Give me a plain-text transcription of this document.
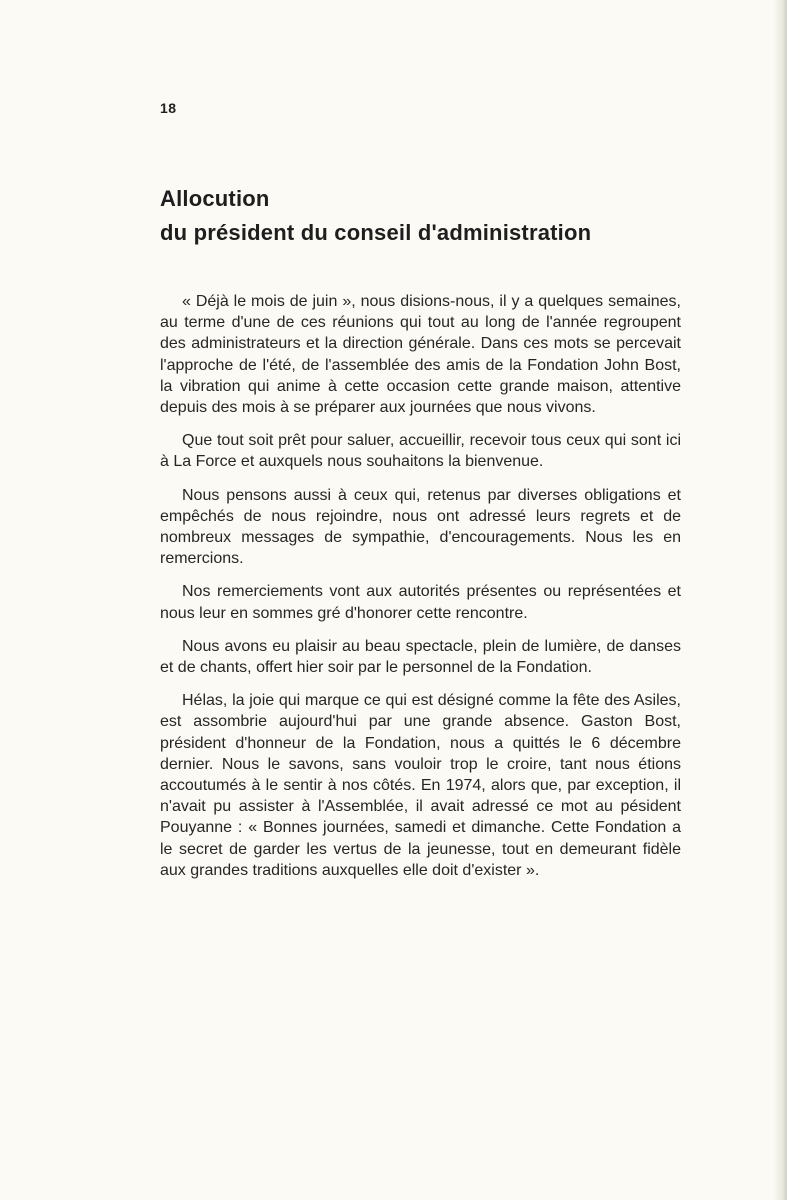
18

Allocution
du président du conseil d'administration

« Déjà le mois de juin », nous disions-nous, il y a quelques semaines, au terme d'une de ces réunions qui tout au long de l'année regroupent des administrateurs et la direction générale. Dans ces mots se percevait l'approche de l'été, de l'assemblée des amis de la Fondation John Bost, la vibration qui anime à cette occasion cette grande maison, attentive depuis des mois à se préparer aux journées que nous vivons.

Que tout soit prêt pour saluer, accueillir, recevoir tous ceux qui sont ici à La Force et auxquels nous souhaitons la bienvenue.

Nous pensons aussi à ceux qui, retenus par diverses obligations et empêchés de nous rejoindre, nous ont adressé leurs regrets et de nombreux messages de sympathie, d'encouragements. Nous les en remercions.

Nos remerciements vont aux autorités présentes ou représentées et nous leur en sommes gré d'honorer cette rencontre.

Nous avons eu plaisir au beau spectacle, plein de lumière, de danses et de chants, offert hier soir par le personnel de la Fondation.

Hélas, la joie qui marque ce qui est désigné comme la fête des Asiles, est assombrie aujourd'hui par une grande absence. Gaston Bost, président d'honneur de la Fondation, nous a quittés le 6 décembre dernier. Nous le savons, sans vouloir trop le croire, tant nous étions accoutumés à le sentir à nos côtés. En 1974, alors que, par exception, il n'avait pu assister à l'Assemblée, il avait adressé ce mot au pésident Pouyanne : « Bonnes journées, samedi et dimanche. Cette Fondation a le secret de garder les vertus de la jeunesse, tout en demeurant fidèle aux grandes traditions auxquelles elle doit d'exister ».
